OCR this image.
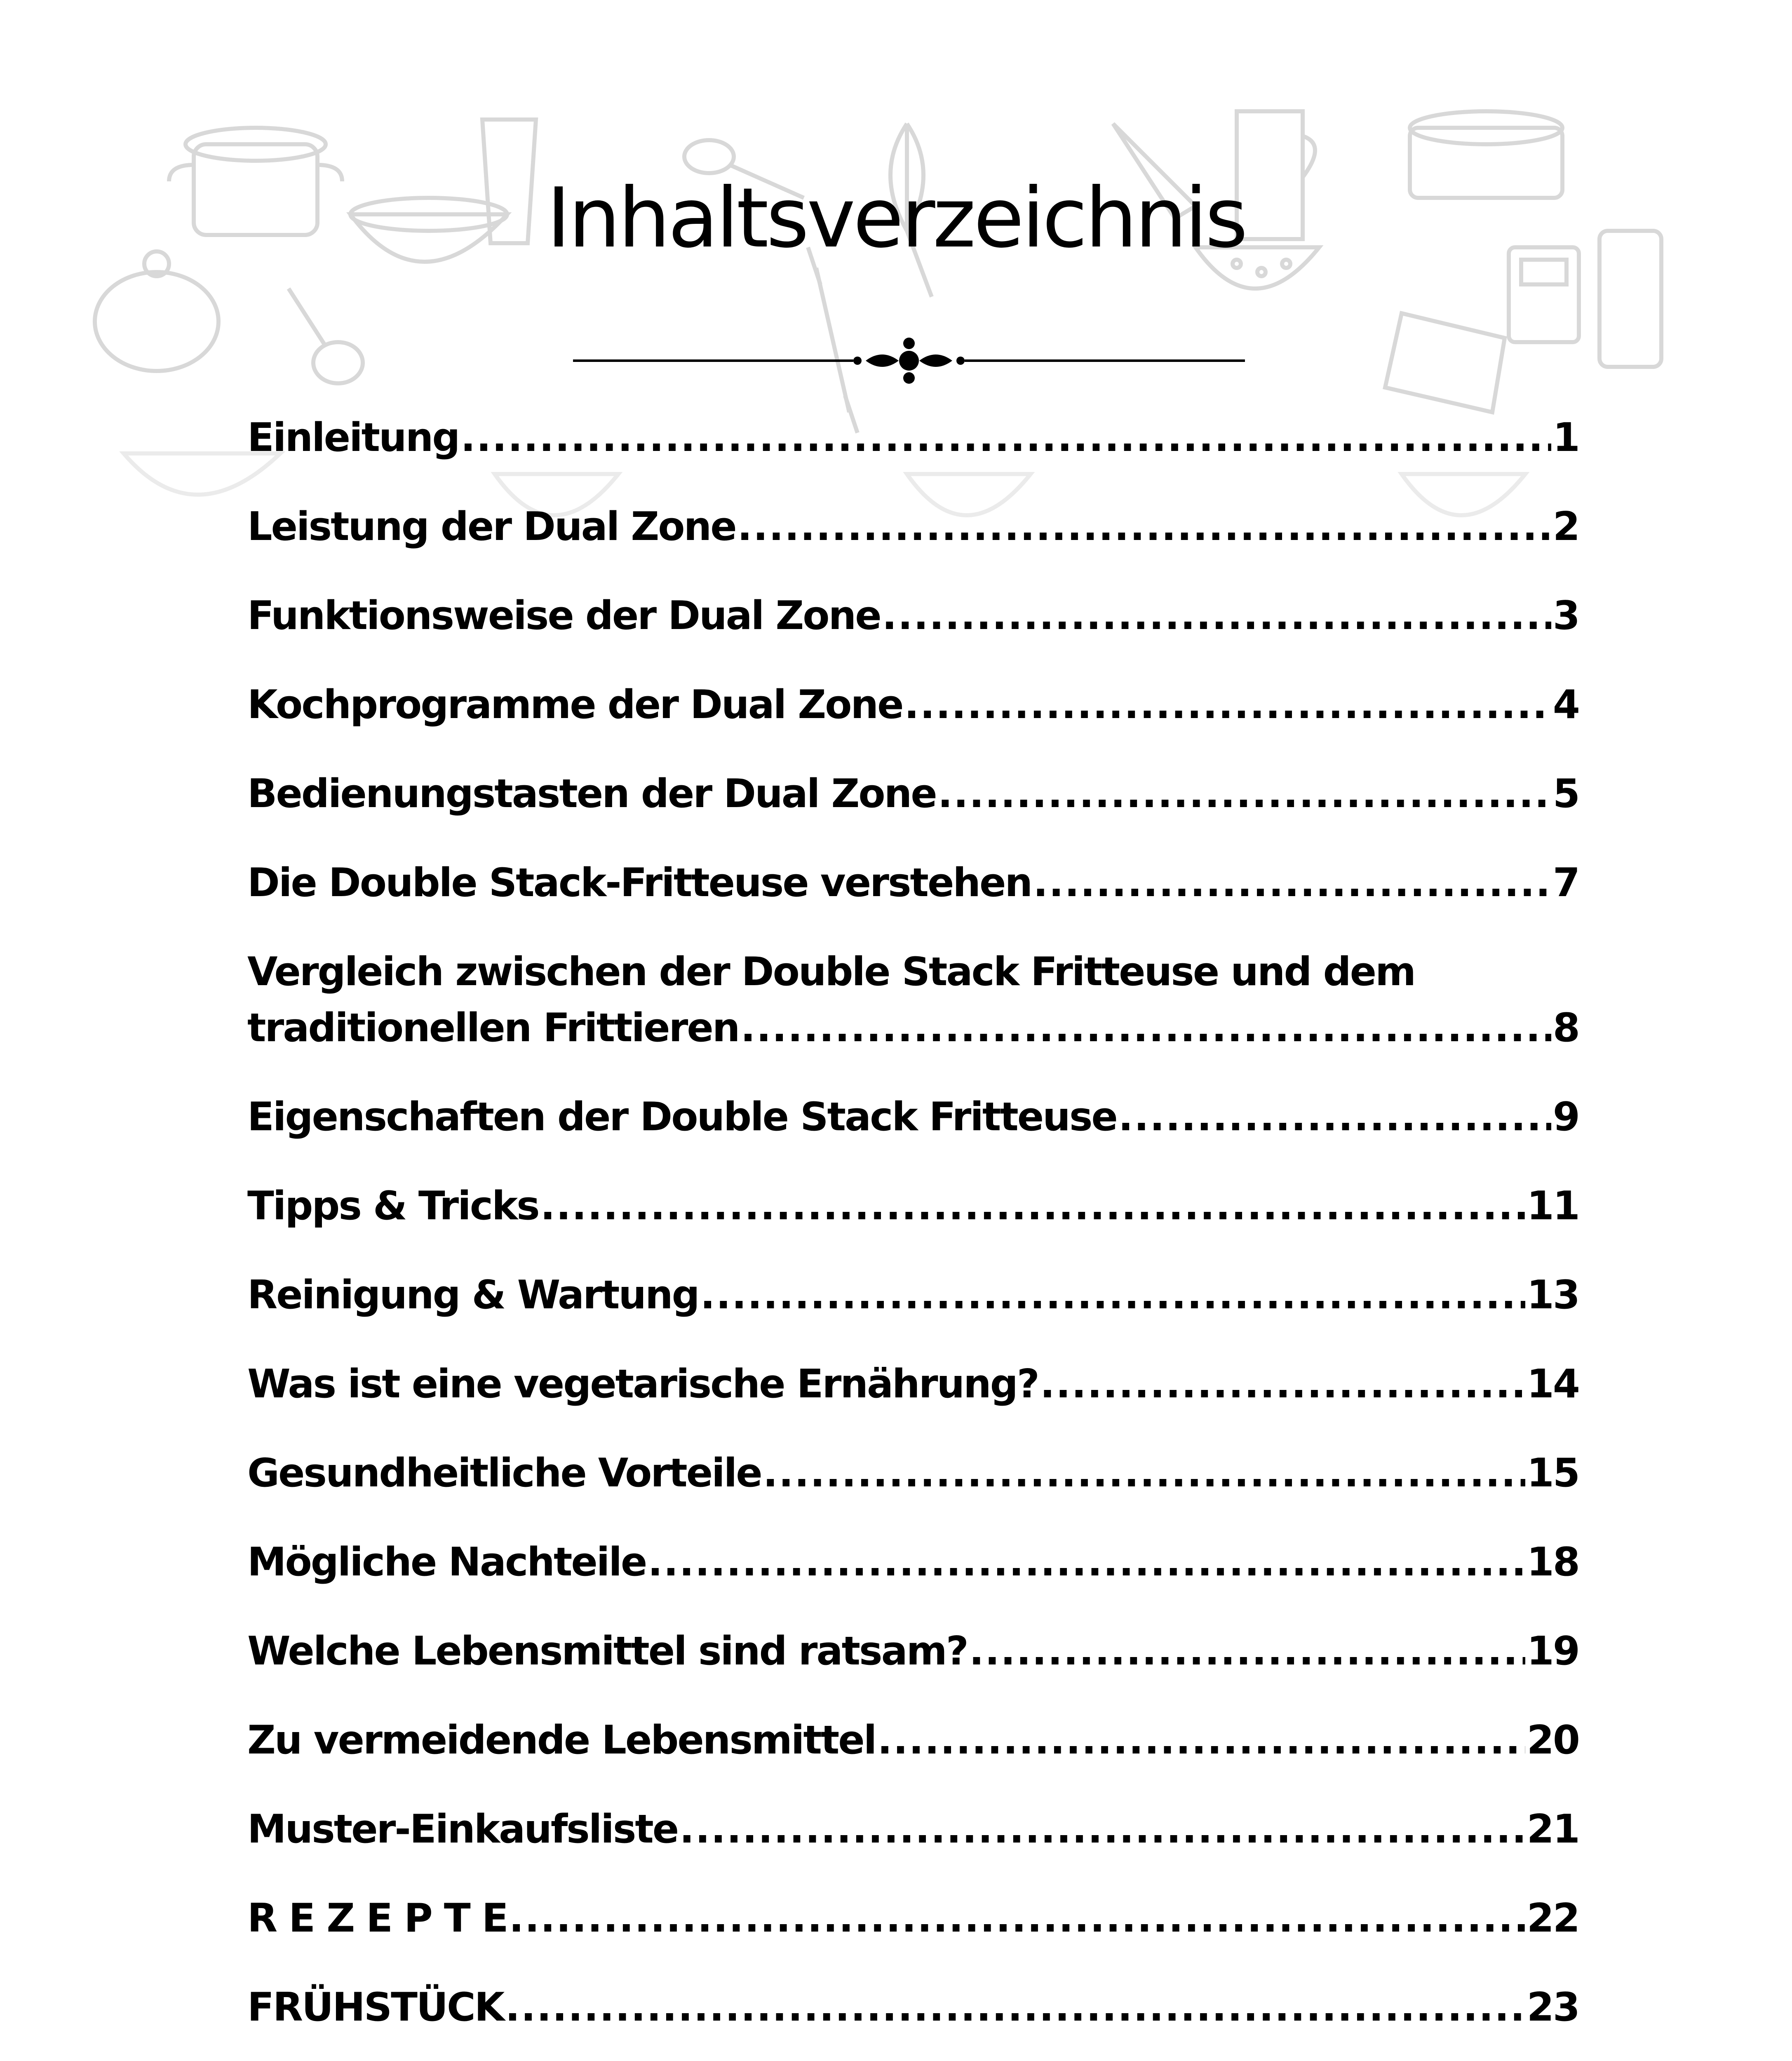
Inhaltsverzeichnis
Einleitung .....	1
Leistung der Dual Zone .....	2
Funktionsweise der Dual Zone .....	3
Kochprogramme der Dual Zone .....	4
Bedienungstasten der Dual Zone .....	5
Die Double Stack-Fritteuse verstehen .....	7
Vergleich zwischen der Double Stack Fritteuse und dem
traditionellen Frittieren .....	8
Eigenschaften der Double Stack Fritteuse .....	9
Tipps & Tricks .....	11
Reinigung & Wartung .....	13
Was ist eine vegetarische Ernährung? .....	14
Gesundheitliche Vorteile .....	15
Mögliche Nachteile .....	18
Welche Lebensmittel sind ratsam? .....	19
Zu vermeidende Lebensmittel .....	20
Muster-Einkaufsliste .....	21
R E Z E P T E .....	22
FRÜHSTÜCK .....	23
